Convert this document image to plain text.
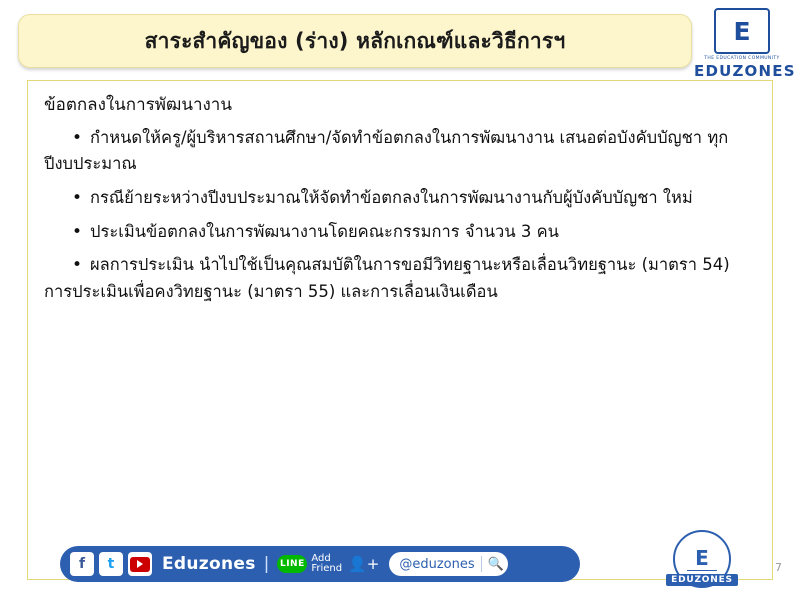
สาระสำคัญของ (ร่าง) หลักเกณฑ์และวิธีการฯ	E
THE EDUCATION COMMUNITY
EDUZONES
ข้อตกลงในการพัฒนางาน
• กำหนดให้ครู/ผู้บริหารสถานศึกษา/จัดทำข้อตกลงในการพัฒนางาน เสนอต่อบังคับบัญชา ทุกปีงบประมาณ
• กรณีย้ายระหว่างปีงบประมาณให้จัดทำข้อตกลงในการพัฒนางานกับผู้บังคับบัญชา ใหม่
• ประเมินข้อตกลงในการพัฒนางานโดยคณะกรรมการ จำนวน 3 คน
• ผลการประเมิน นำไปใช้เป็นคุณสมบัติในการขอมีวิทยฐานะหรือเลื่อนวิทยฐานะ (มาตรา 54) การประเมินเพื่อคงวิทยฐานะ (มาตรา 55) และการเลื่อนเงินเดือน
f	t	Eduzones | LINE
Add
Friend 👤+ @eduzones 🔍	E
EDUZONES
7
